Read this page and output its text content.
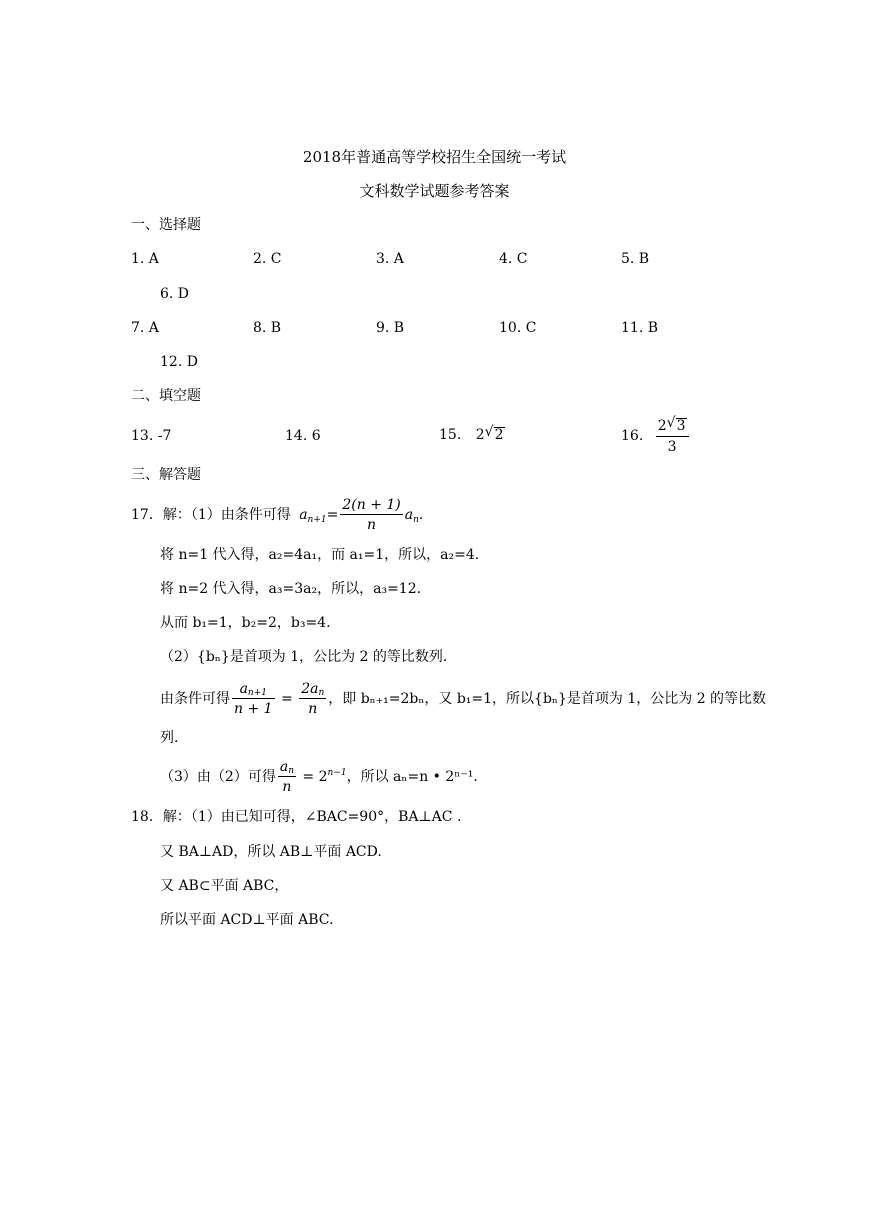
2018年普通高等学校招生全国统一考试
文科数学试题参考答案
一、选择题
1. A	2. C	3. A	4. C	5. B
6. D
7. A	8. B	9. B	10. C	11. B
12. D
二、填空题
13. -7	14. 6	15. 2 √ 2	16. $\frac{2 √ 3}{3}$
三、解答题
17．解：（1）由条件可得 $a_{n+1}= \frac{2(n + 1)}{n} a_n$.
将 n=1 代入得，a₂=4a₁，而 a₁=1，所以，a₂=4.
将 n=2 代入得，a₃=3a₂，所以，a₃=12.
从而 b₁=1，b₂=2，b₃=4.
（2）{bₙ}是首项为 1，公比为 2 的等比数列.
由条件可得 $\frac{a_{n+1}}{n + 1} = \frac{2a_n}{n}$ ，即 bₙ₊₁=2bₙ，又 b₁=1，所以{bₙ}是首项为 1，公比为 2 的等比数
列.
（3）由（2）可得 $\frac{a_n}{n} = 2^{n-1}$，所以 aₙ=n • 2ⁿ⁻¹.
18．解：（1）由已知可得，∠BAC=90°，BA⊥AC .
又 BA⊥AD，所以 AB⊥平面 ACD.
又 AB⊂平面 ABC，
所以平面 ACD⊥平面 ABC.
